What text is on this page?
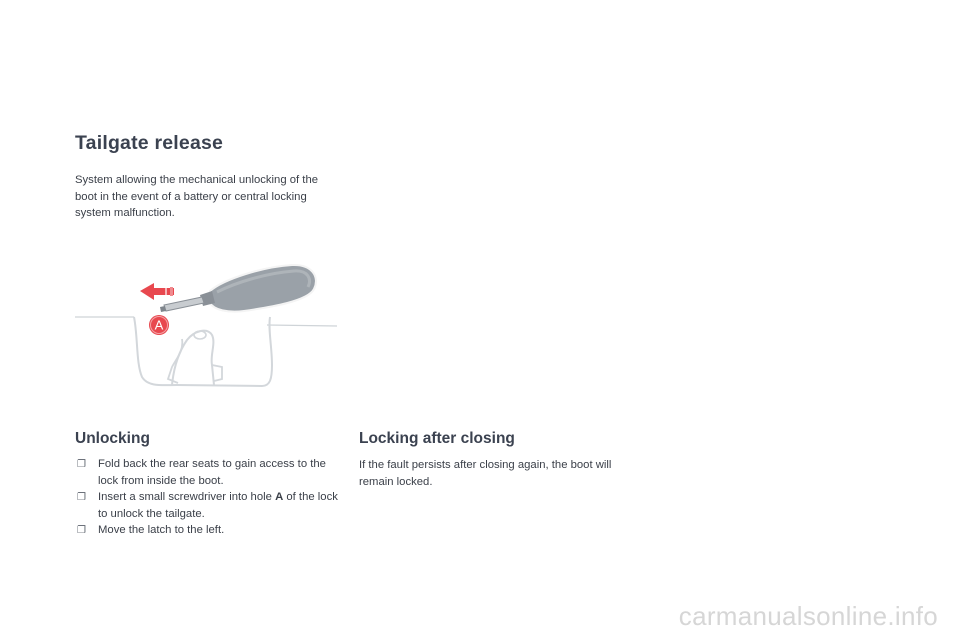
Tailgate release

System allowing the mechanical unlocking of the boot in the event of a battery or central locking system malfunction.

A
Unlocking
❐	Fold back the rear seats to gain access to the lock from inside the boot.
❐	Insert a small screwdriver into hole A of the lock to unlock the tailgate.
❐	Move the latch to the left.
Locking after closing

If the fault persists after closing again, the boot will remain locked.

carmanualsonline.info
